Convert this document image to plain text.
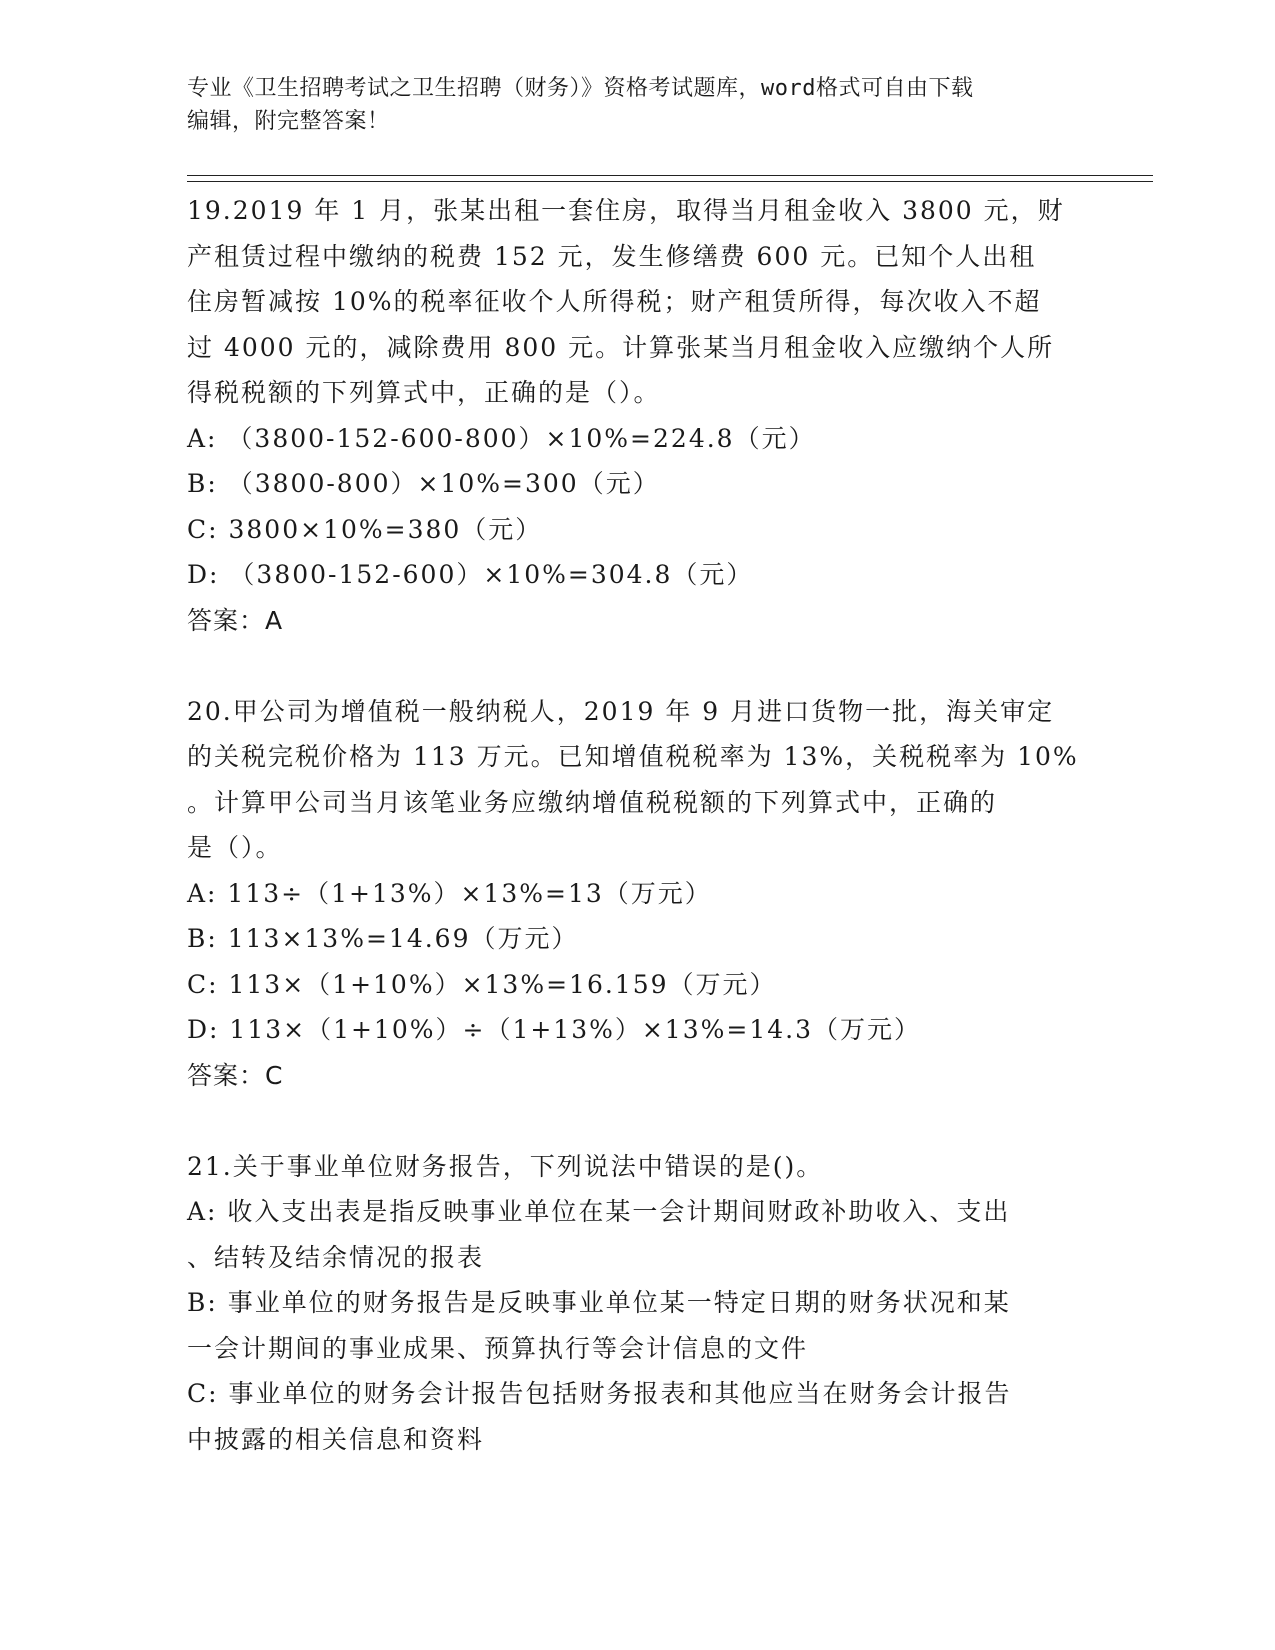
专业《卫生招聘考试之卫生招聘（财务）》资格考试题库，word格式可自由下载
编辑，附完整答案！
19.2019 年 1 月，张某出租一套住房，取得当月租金收入 3800 元，财
产租赁过程中缴纳的税费 152 元，发生修缮费 600 元。已知个人出租
住房暂减按 10%的税率征收个人所得税；财产租赁所得，每次收入不超
过 4000 元的，减除费用 800 元。计算张某当月租金收入应缴纳个人所
得税税额的下列算式中，正确的是（）。
A: （3800-152-600-800）×10%=224.8（元）
B: （3800-800）×10%=300（元）
C: 3800×10%=380（元）
D: （3800-152-600）×10%=304.8（元）
答案：A
20.甲公司为增值税一般纳税人，2019 年 9 月进口货物一批，海关审定
的关税完税价格为 113 万元。已知增值税税率为 13%，关税税率为 10%
。计算甲公司当月该笔业务应缴纳增值税税额的下列算式中，正确的
是（）。
A: 113÷（1+13%）×13%=13（万元）
B: 113×13%=14.69（万元）
C: 113×（1+10%）×13%=16.159（万元）
D: 113×（1+10%）÷（1+13%）×13%=14.3（万元）
答案：C
21.关于事业单位财务报告，下列说法中错误的是()。
A: 收入支出表是指反映事业单位在某一会计期间财政补助收入、支出
、结转及结余情况的报表
B: 事业单位的财务报告是反映事业单位某一特定日期的财务状况和某
一会计期间的事业成果、预算执行等会计信息的文件
C: 事业单位的财务会计报告包括财务报表和其他应当在财务会计报告
中披露的相关信息和资料
